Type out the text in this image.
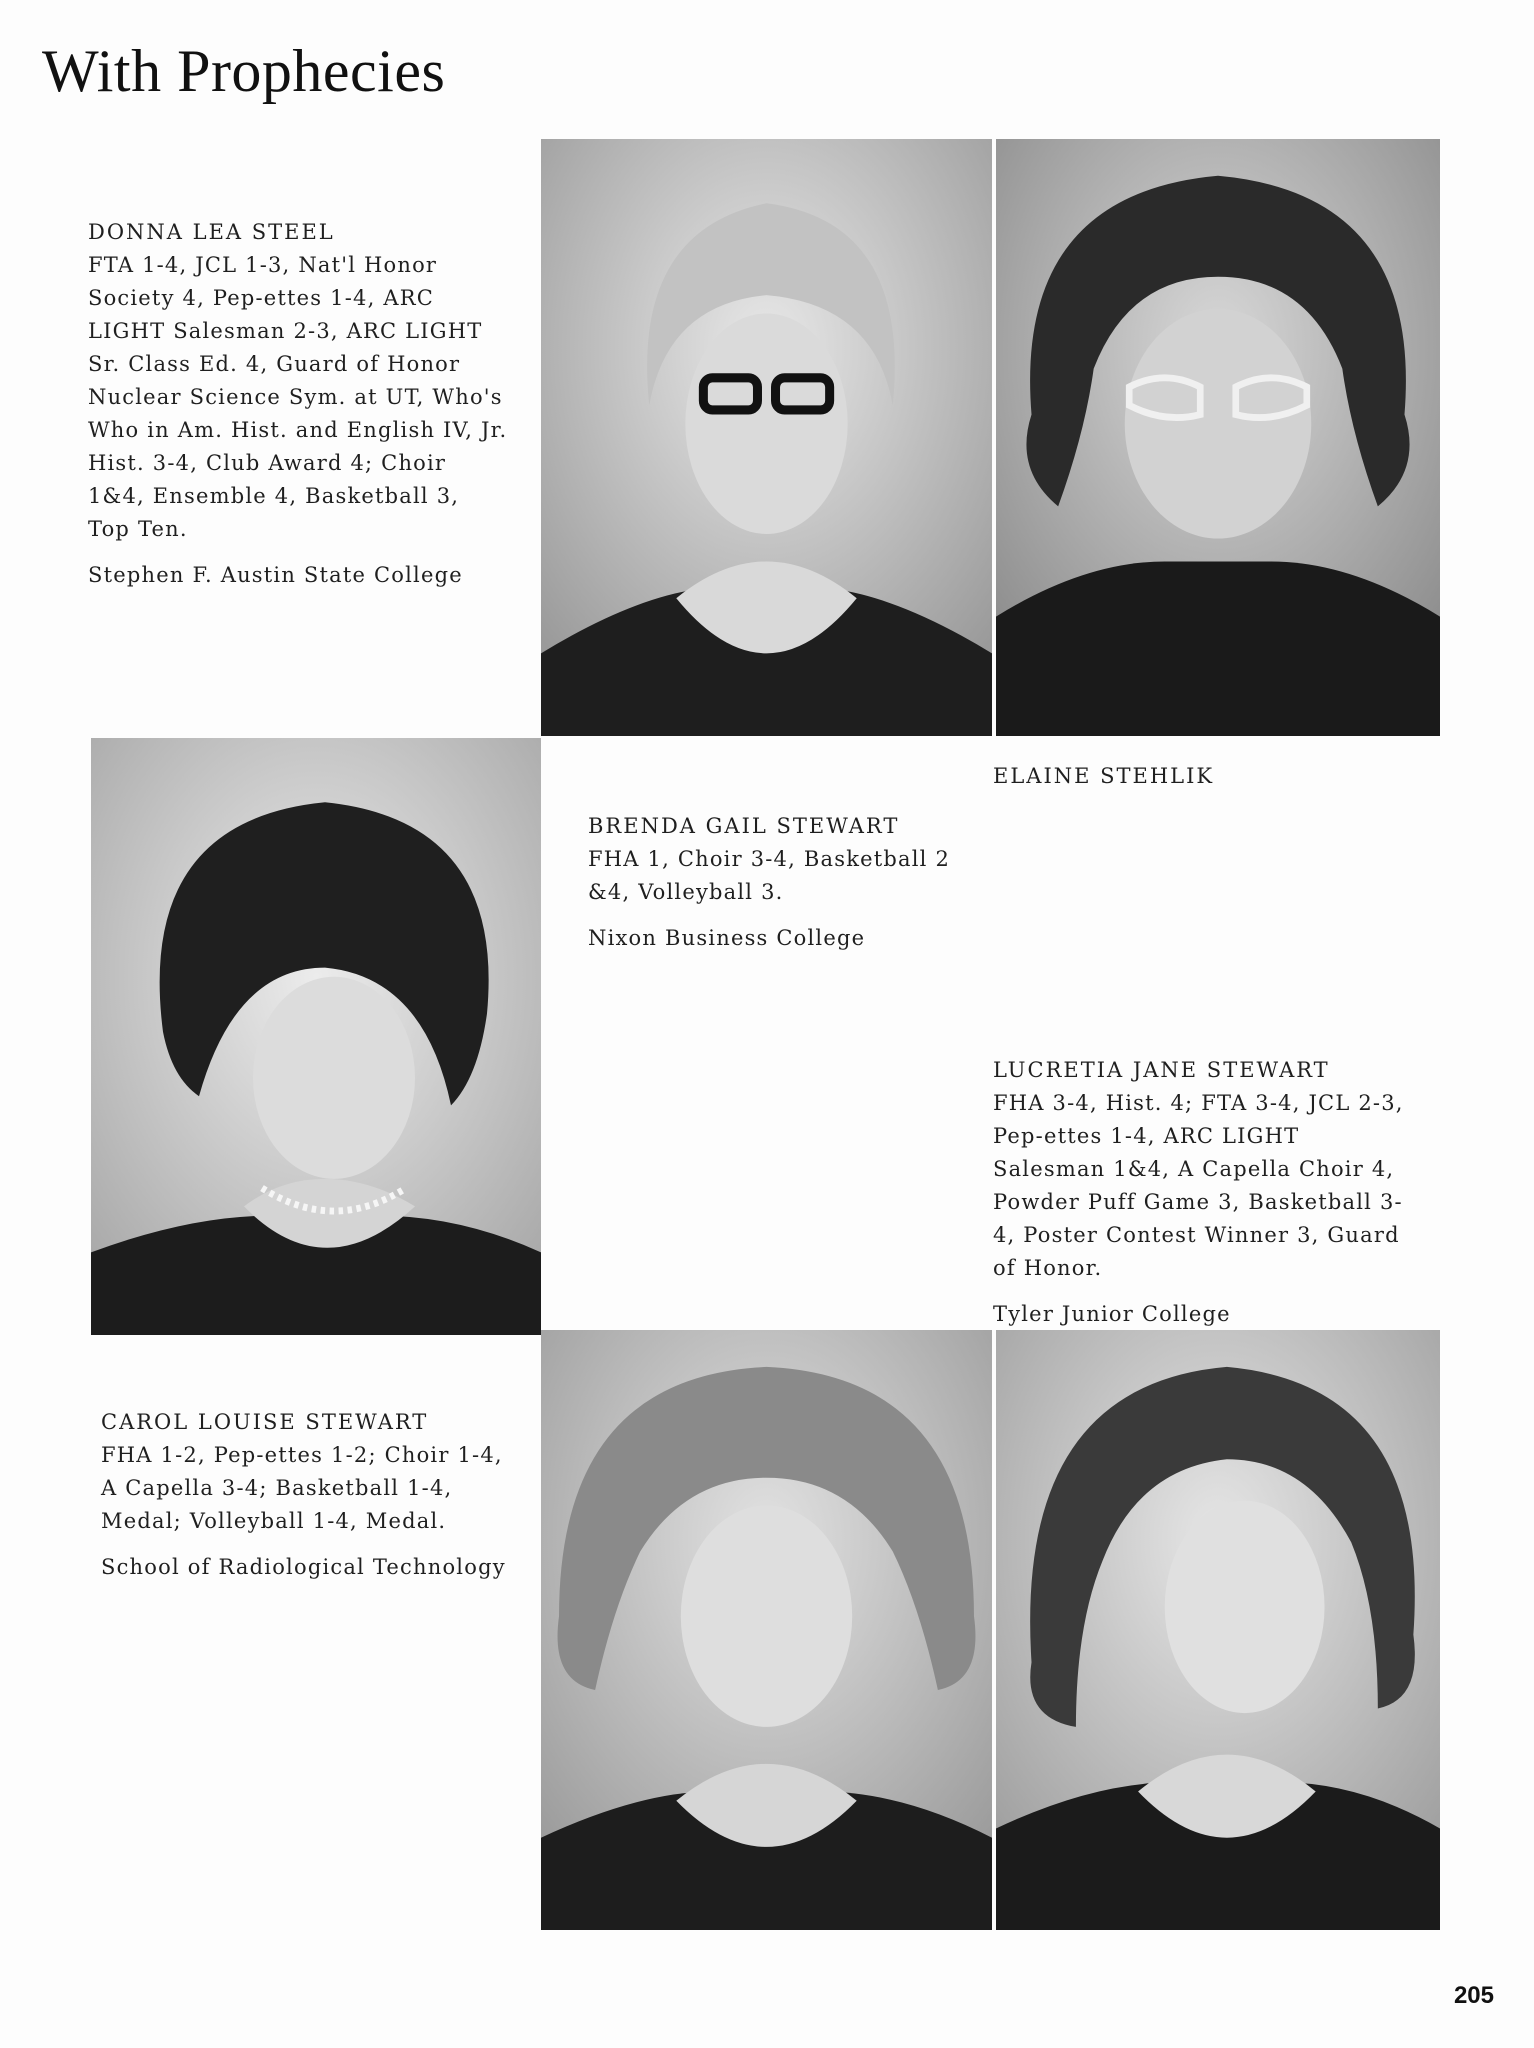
With Prophecies
DONNA LEA STEEL
FTA 1-4, JCL 1-3, Nat'l Honor Society 4, Pep-ettes 1-4, ARC LIGHT Salesman 2-3, ARC LIGHT Sr. Class Ed. 4, Guard of Honor Nuclear Science Sym. at UT, Who's Who in Am. Hist. and English IV, Jr. Hist. 3-4, Club Award 4; Choir 1&4, Ensemble 4, Basketball 3, Top Ten.
Stephen F. Austin State College
ELAINE STEHLIK
BRENDA GAIL STEWART
FHA 1, Choir 3-4, Basketball 2 &4, Volleyball 3.
Nixon Business College
LUCRETIA JANE STEWART
FHA 3-4, Hist. 4; FTA 3-4, JCL 2-3, Pep-ettes 1-4, ARC LIGHT Salesman 1&4, A Capella Choir 4, Powder Puff Game 3, Basketball 3-4, Poster Contest Winner 3, Guard of Honor.
Tyler Junior College
CAROL LOUISE STEWART
FHA 1-2, Pep-ettes 1-2; Choir 1-4, A Capella 3-4; Basketball 1-4, Medal; Volleyball 1-4, Medal.
School of Radiological Technology
205
